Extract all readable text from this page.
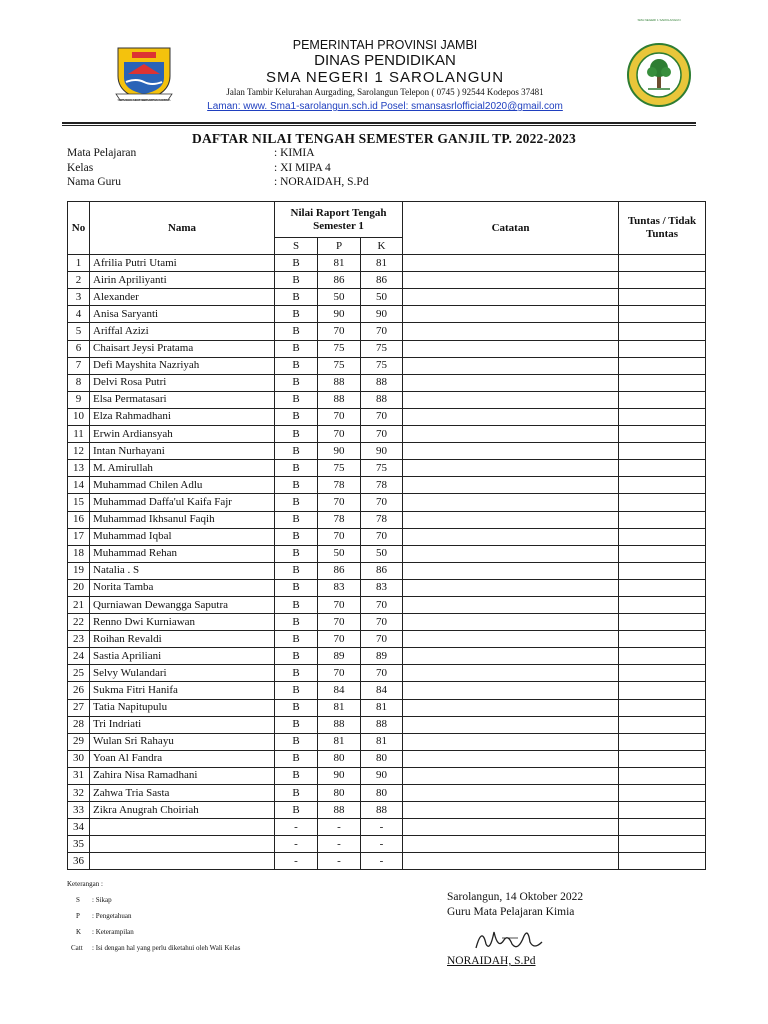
SEPUCUK ADAT SERUMPUN NORMA
SMA NEGERI 1 SAROLANGUN
PEMERINTAH PROVINSI JAMBI
DINAS PENDIDIKAN
SMA NEGERI 1 SAROLANGUN
Jalan Tambir Kelurahan Aurgading, Sarolangun Telepon ( 0745 ) 92544 Kodepos 37481
Laman: www. Sma1-sarolangun.sch.id Posel: smansasrlofficial2020@gmail.com
DAFTAR NILAI TENGAH SEMESTER GANJIL TP. 2022-2023
Mata Pelajaran	: KIMIA
Kelas	: XI MIPA 4
Nama Guru	: NORAIDAH, S.Pd
No	Nama	Nilai Raport Tengah Semester 1			Catatan	Tuntas / Tidak Tuntas
		S	P	K		
1	Afrilia Putri Utami	B	81	81		
2	Airin Apriliyanti	B	86	86		
3	Alexander	B	50	50		
4	Anisa Saryanti	B	90	90		
5	Ariffal Azizi	B	70	70		
6	Chaisart Jeysi Pratama	B	75	75		
7	Defi Mayshita Nazriyah	B	75	75		
8	Delvi Rosa Putri	B	88	88		
9	Elsa Permatasari	B	88	88		
10	Elza Rahmadhani	B	70	70		
11	Erwin Ardiansyah	B	70	70		
12	Intan Nurhayani	B	90	90		
13	M. Amirullah	B	75	75		
14	Muhammad Chilen Adlu	B	78	78		
15	Muhammad Daffa'ul Kaifa Fajr	B	70	70		
16	Muhammad Ikhsanul Faqih	B	78	78		
17	Muhammad Iqbal	B	70	70		
18	Muhammad Rehan	B	50	50		
19	Natalia . S	B	86	86		
20	Norita Tamba	B	83	83		
21	Qurniawan Dewangga Saputra	B	70	70		
22	Renno Dwi Kurniawan	B	70	70		
23	Roihan Revaldi	B	70	70		
24	Sastia Apriliani	B	89	89		
25	Selvy Wulandari	B	70	70		
26	Sukma Fitri Hanifa	B	84	84		
27	Tatia Napitupulu	B	81	81		
28	Tri Indriati	B	88	88		
29	Wulan Sri Rahayu	B	81	81		
30	Yoan Al Fandra	B	80	80		
31	Zahira Nisa Ramadhani	B	90	90		
32	Zahwa Tria Sasta	B	80	80		
33	Zikra Anugrah Choiriah	B	88	88		
34		-	-	-		
35		-	-	-		
36		-	-	-		
Keterangan :
S : Sikap
P : Pengetahuan
K : Keterampilan
Catt : Isi dengan hal yang perlu diketahui oleh Wali Kelas
Sarolangun, 14 Oktober 2022
Guru Mata Pelajaran Kimia
NORAIDAH, S.Pd
